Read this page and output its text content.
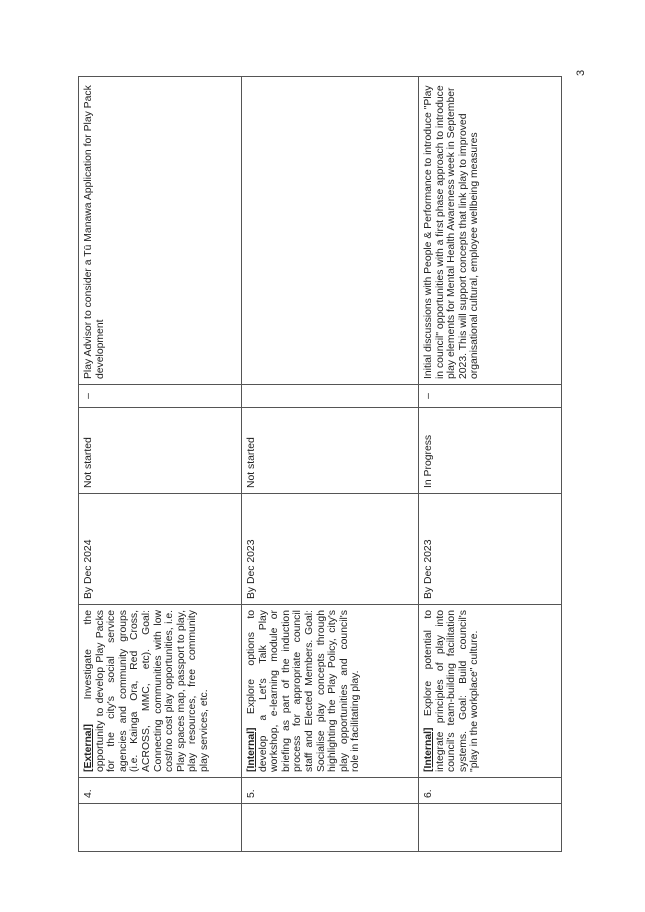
3
	4.	[External] Investigate the opportunity to develop Play Packs for the city's social service agencies and community groups (i.e. Kainga Ora, Red Cross, ACROSS, MMC, etc). Goal: Connecting communities with low cost/no cost play opportunities, i.e. Play spaces map, passport to play, play resources, free community play services, etc.	By Dec 2024	Not started	–	Play Advisor to consider a Tū Manawa Application for Play Pack development
	5.	[Internal] Explore options to develop a Let's Talk Play workshop, e-learning module or briefing as part of the induction process for appropriate council staff and Elected Members. Goal: Socialise play concepts through highlighting the Play Policy, city's play opportunities and council's role in facilitating play.	By Dec 2023	Not started		
	6.	[Internal] Explore potential to integrate principles of play into council's team-building facilitation systems. Goal: Build council's "play in the workplace" culture.	By Dec 2023	In Progress	–	Initial discussions with People & Performance to introduce "Play in council" opportunities with a first phase approach to introduce play elements for Mental Health Awareness week in September 2023. This will support concepts that link play to improved organisational cultural, employee wellbeing measures
